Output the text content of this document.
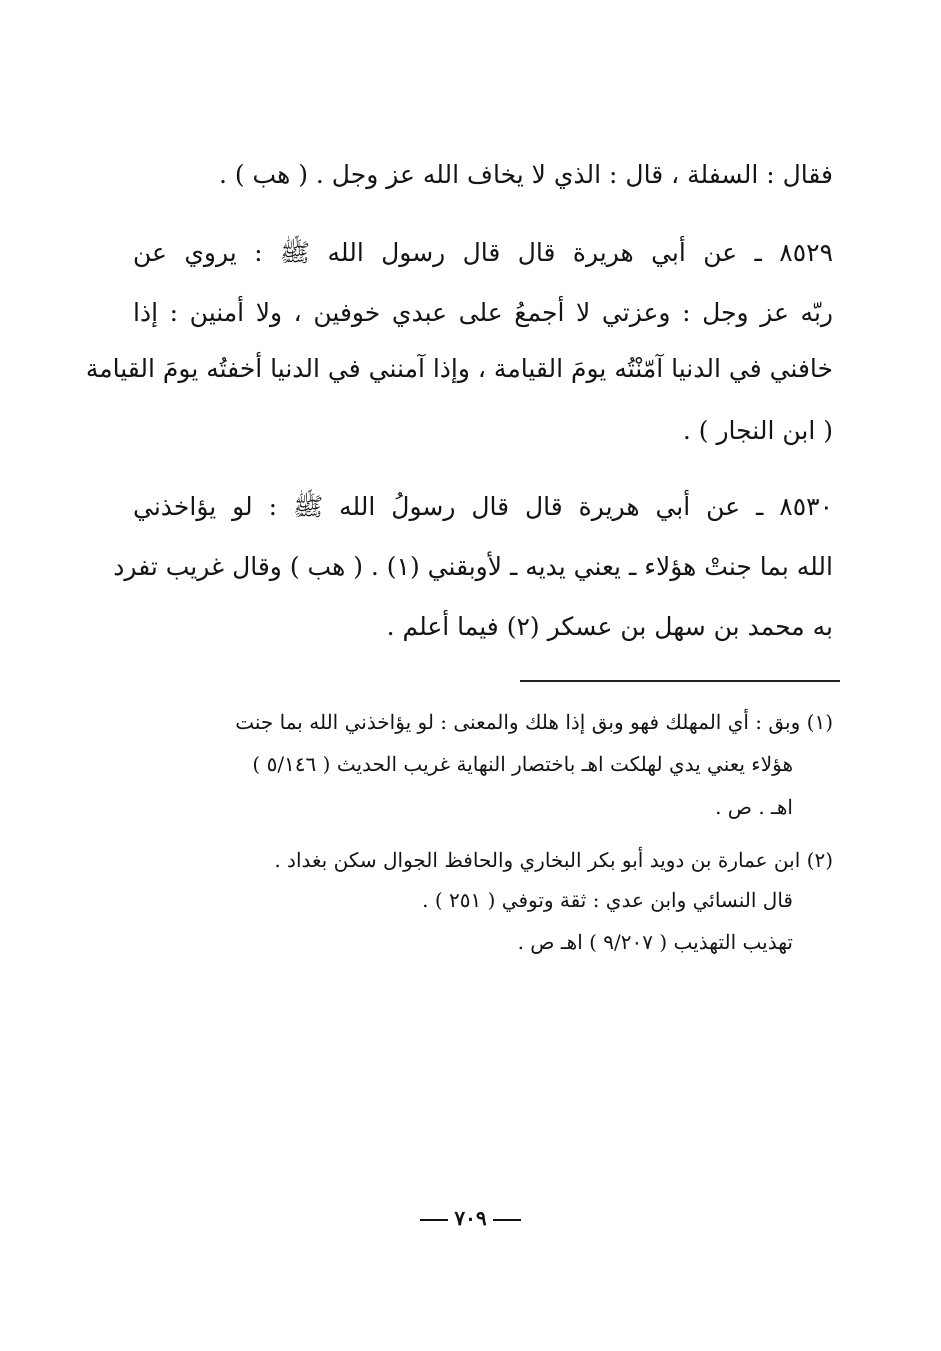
فقال : السفلة ، قال : الذي لا يخاف الله عز وجل . ( هب ) .
٨٥٢٩ ـ عن أبي هريرة قال قال رسول الله ﷺ : يروي عن
ربّه عز وجل : وعزتي لا أجمعُ على عبدي خوفين ، ولا أمنين : إذا
خافني في الدنيا آمّنْتُه يومَ القيامة ، وإذا آمنني في الدنيا أخفتُه يومَ القيامة
( ابن النجار ) .
٨٥٣٠ ـ عن أبي هريرة قال قال رسولُ الله ﷺ : لو يؤاخذني
الله بما جنتْ هؤلاء ـ يعني يديه ـ لأوبقني (١) . ( هب ) وقال غريب تفرد
به محمد بن سهل بن عسكر (٢) فيما أعلم .
(١) وبق : أي المهلك فهو وبق إذا هلك والمعنى : لو يؤاخذني الله بما جنت
هؤلاء يعني يدي لهلكت اهـ باختصار النهاية غريب الحديث ( ٥/١٤٦ )
اهـ . ص .
(٢) ابن عمارة بن دويد أبو بكر البخاري والحافظ الجوال سكن بغداد .
قال النسائي وابن عدي : ثقة وتوفي ( ٢٥١ ) .
تهذيب التهذيب ( ٩/٢٠٧ ) اهـ ص .
٧٠٩
